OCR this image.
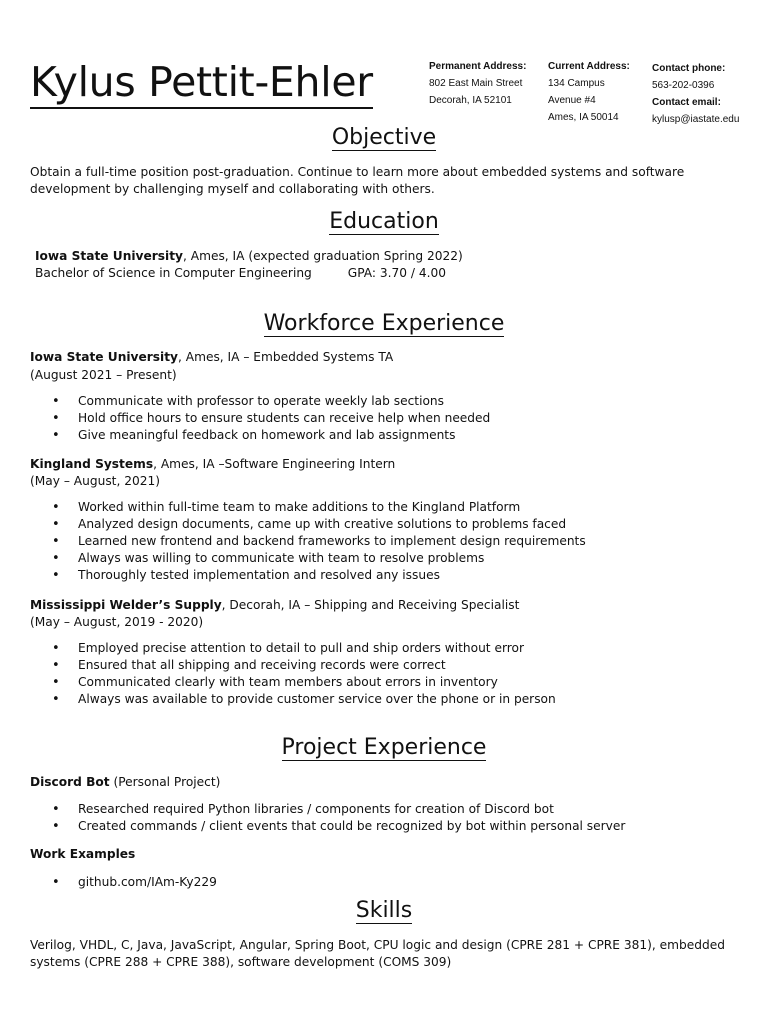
Kylus Pettit-Ehler	Permanent Address:
802 East Main Street
Decorah, IA 52101
Current Address:
134 Campus
Avenue #4
Ames, IA 50014
Contact phone:
563-202-0396
Contact email:
kylusp@iastate.edu
Objective
Obtain a full-time position post-graduation. Continue to learn more about embedded systems and software
development by challenging myself and collaborating with others.
Education
Iowa State University, Ames, IA (expected graduation Spring 2022)
Bachelor of Science in Computer Engineering	GPA: 3.70 / 4.00
Workforce Experience
Iowa State University, Ames, IA – Embedded Systems TA
(August 2021 – Present)
• Communicate with professor to operate weekly lab sections
• Hold office hours to ensure students can receive help when needed
• Give meaningful feedback on homework and lab assignments
Kingland Systems, Ames, IA –Software Engineering Intern
(May – August, 2021)
• Worked within full-time team to make additions to the Kingland Platform
• Analyzed design documents, came up with creative solutions to problems faced
• Learned new frontend and backend frameworks to implement design requirements
• Always was willing to communicate with team to resolve problems
• Thoroughly tested implementation and resolved any issues
Mississippi Welder’s Supply, Decorah, IA – Shipping and Receiving Specialist
(May – August, 2019 - 2020)
• Employed precise attention to detail to pull and ship orders without error
• Ensured that all shipping and receiving records were correct
• Communicated clearly with team members about errors in inventory
• Always was available to provide customer service over the phone or in person
Project Experience
Discord Bot (Personal Project)
• Researched required Python libraries / components for creation of Discord bot
• Created commands / client events that could be recognized by bot within personal server
Work Examples
• github.com/IAm-Ky229
Skills
Verilog, VHDL, C, Java, JavaScript, Angular, Spring Boot, CPU logic and design (CPRE 281 + CPRE 381), embedded
systems (CPRE 288 + CPRE 388), software development (COMS 309)
